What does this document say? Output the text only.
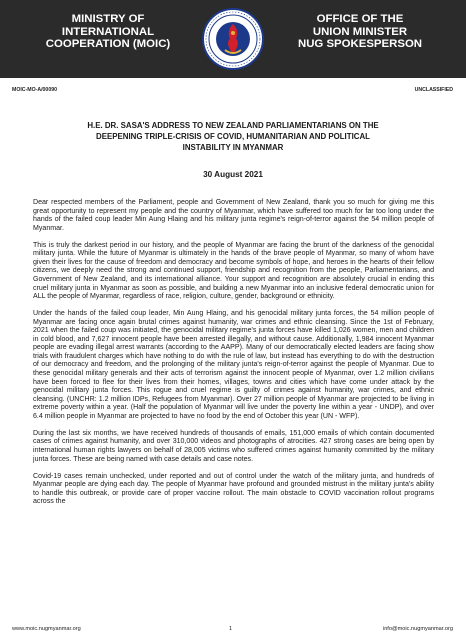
MINISTRY OF
INTERNATIONAL
COOPERATION (MOIC)
OFFICE OF THE
UNION MINISTER
NUG SPOKESPERSON
MOIC-MO-A/00090	UNCLASSIFIED
H.E. DR. SASA'S ADDRESS TO NEW ZEALAND PARLIAMENTARIANS ON THE
DEEPENING TRIPLE-CRISIS OF COVID, HUMANITARIAN AND POLITICAL
INSTABILITY IN MYANMAR
30 August 2021

Dear respected members of the Parliament, people and Government of New Zealand, thank you so much for giving me this great opportunity to represent my people and the country of Myanmar, which have suffered too much for far too long under the hands of the failed coup leader Min Aung Hlaing and his military junta regime's reign-of-terror against the 54 million people of Myanmar.

This is truly the darkest period in our history, and the people of Myanmar are facing the brunt of the darkness of the genocidal military junta. While the future of Myanmar is ultimately in the hands of the brave people of Myanmar, so many of whom have given their lives for the cause of freedom and democracy and become symbols of hope, and heroes in the hearts of their fellow citizens, we deeply need the strong and continued support, friendship and recognition from the people, Parliamentarians, and Government of New Zealand, and its international alliance. Your support and recognition are absolutely crucial in ending this cruel military junta in Myanmar as soon as possible, and building a new Myanmar into an inclusive federal democratic union for ALL the people of Myanmar, regardless of race, religion, culture, gender, background or ethnicity.

Under the hands of the failed coup leader, Min Aung Hlaing, and his genocidal military junta forces, the 54 million people of Myanmar are facing once again brutal crimes against humanity, war crimes and ethnic cleansing. Since the 1st of February, 2021 when the failed coup was initiated, the genocidal military regime's junta forces have killed 1,026 women, men and children in cold blood, and 7,627 innocent people have been arrested illegally, and without cause. Additionally, 1,984 innocent Myanmar people are evading illegal arrest warrants (according to the AAPP). Many of our democratically elected leaders are facing show trials with fraudulent charges which have nothing to do with the rule of law, but instead has everything to do with the destruction of our democracy and freedom, and the prolonging of the military junta's reign-of-terror against the people of Myanmar. Due to these genocidal military generals and their acts of terrorism against the innocent people of Myanmar, over 1.2 million civilians have been forced to flee for their lives from their homes, villages, towns and cities which have come under attack by the genocidal military junta forces. This rogue and cruel regime is guilty of crimes against humanity, war crimes, and ethnic cleansing. (UNCHR: 1.2 million IDPs, Refugees from Myanmar). Over 27 million people of Myanmar are projected to be living in extreme poverty within a year. (Half the population of Myanmar will live under the poverty line within a year - UNDP), and over 6.4 million people in Myanmar are projected to have no food by the end of October this year (UN - WFP).

During the last six months, we have received hundreds of thousands of emails, 151,000 emails of which contain documented cases of crimes against humanity, and over 310,000 videos and photographs of atrocities. 427 strong cases are being open by international human rights lawyers on behalf of 28,005 victims who suffered crimes against humanity committed by the military junta forces. These are being named with case details and case notes.

Covid-19 cases remain unchecked, under reported and out of control under the watch of the military junta, and hundreds of Myanmar people are dying each day. The people of Myanmar have profound and grounded mistrust in the military junta's ability to handle this outbreak, or provide care of proper vaccine rollout. The main obstacle to COVID vaccination rollout programs across the

www.moic.nugmyanmar.org	1	info@moic.nugmyanmar.org
